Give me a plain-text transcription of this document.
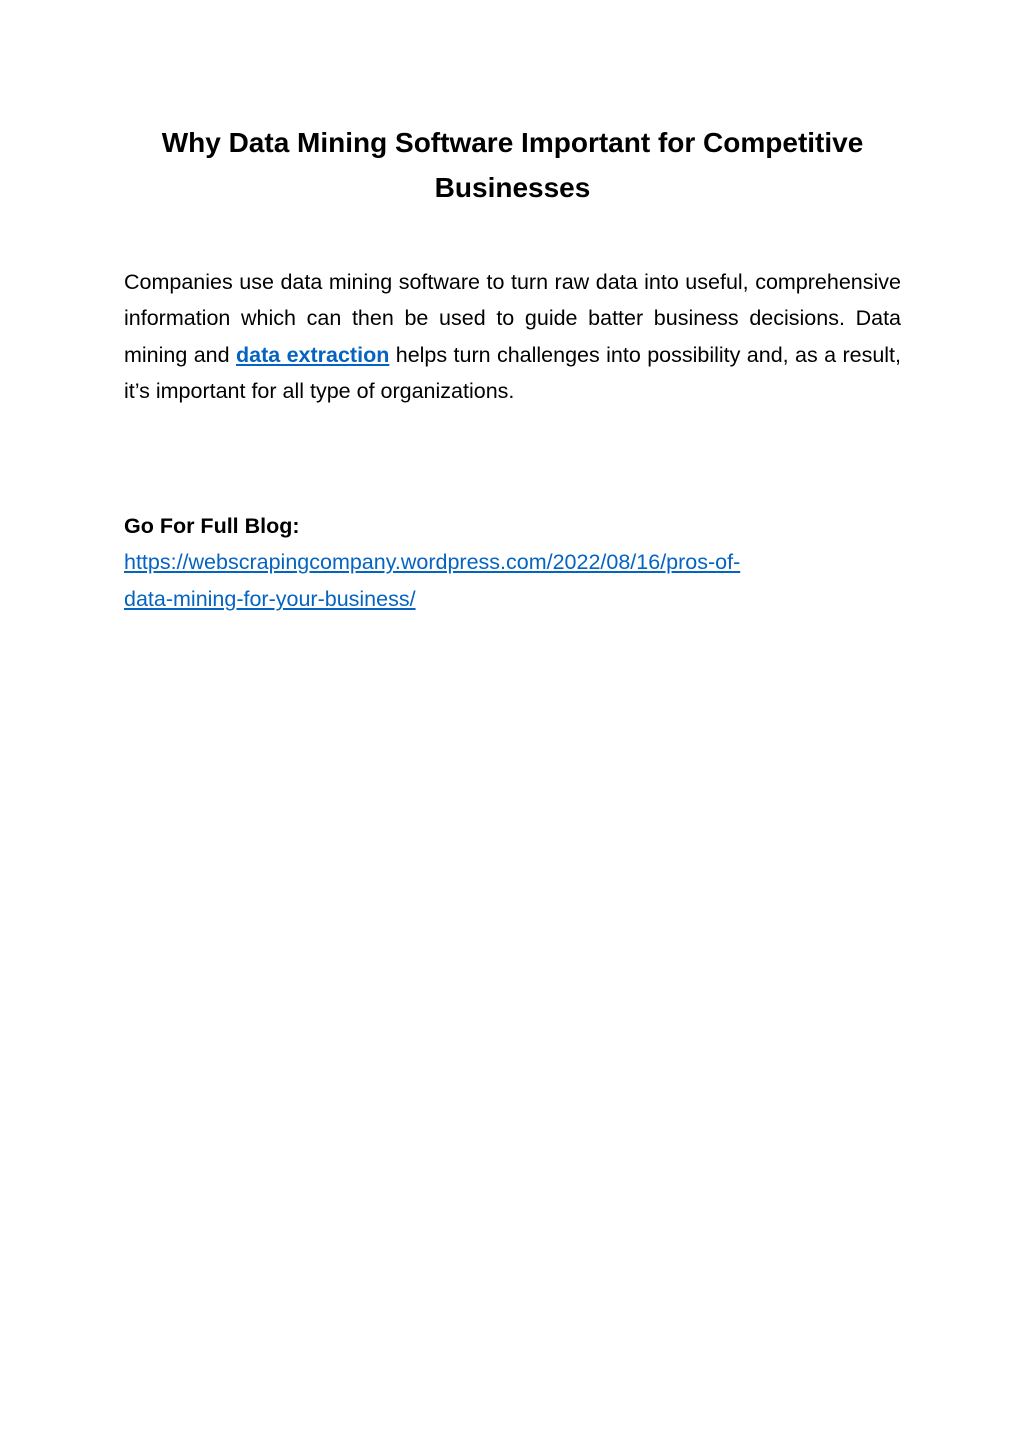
Why Data Mining Software Important for Competitive Businesses

Companies use data mining software to turn raw data into useful, comprehensive information which can then be used to guide batter business decisions. Data mining and data extraction helps turn challenges into possibility and, as a result, it’s important for all type of organizations.

Go For Full Blog:

https://webscrapingcompany.wordpress.com/2022/08/16/pros-of-
data-mining-for-your-business/
